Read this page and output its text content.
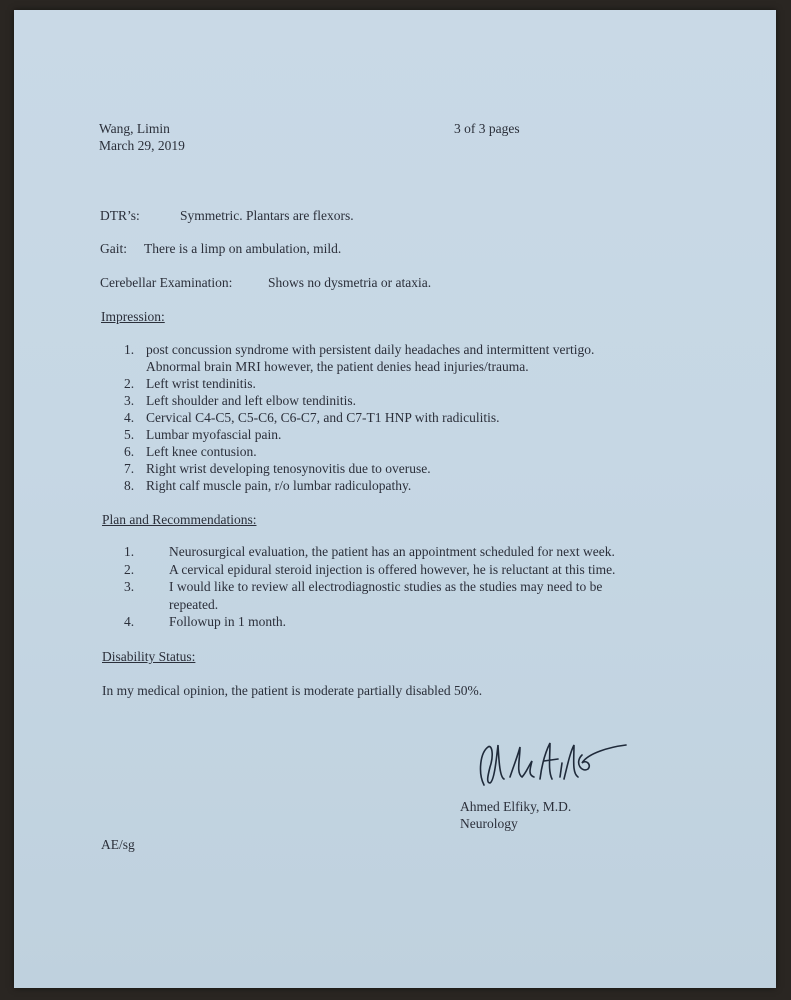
Wang, Limin
March 29, 2019
3 of 3 pages
DTR’s:	Symmetric. Plantars are flexors.
Gait: There is a limp on ambulation, mild.
Cerebellar Examination:	Shows no dysmetria or ataxia.
Impression:
1. post concussion syndrome with persistent daily headaches and intermittent vertigo.
Abnormal brain MRI however, the patient denies head injuries/trauma.
2. Left wrist tendinitis.
3. Left shoulder and left elbow tendinitis.
4. Cervical C4-C5, C5-C6, C6-C7, and C7-T1 HNP with radiculitis.
5. Lumbar myofascial pain.
6. Left knee contusion.
7. Right wrist developing tenosynovitis due to overuse.
8. Right calf muscle pain, r/o lumbar radiculopathy.
Plan and Recommendations:
1.	Neurosurgical evaluation, the patient has an appointment scheduled for next week.
2.	A cervical epidural steroid injection is offered however, he is reluctant at this time.
3.	I would like to review all electrodiagnostic studies as the studies may need to be
repeated.
4.	Followup in 1 month.
Disability Status:
In my medical opinion, the patient is moderate partially disabled 50%.
Ahmed Elfiky, M.D.
Neurology
AE/sg
